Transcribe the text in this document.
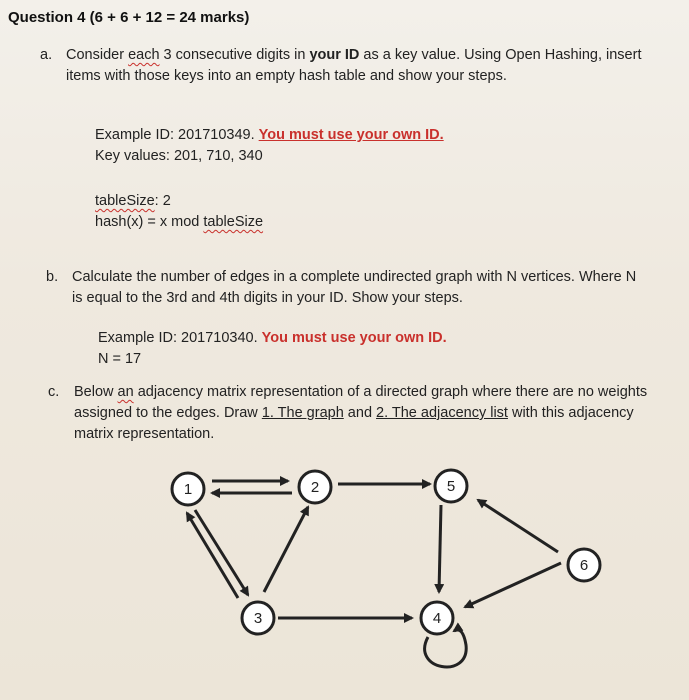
Question 4 (6 + 6 + 12 = 24 marks)
a. Consider each 3 consecutive digits in your ID as a key value. Using Open Hashing, insert
items with those keys into an empty hash table and show your steps.
Example ID: 201710349. You must use your own ID.
Key values: 201, 710, 340
tableSize: 2
hash(x) = x mod tableSize
b. Calculate the number of edges in a complete undirected graph with N vertices. Where N
is equal to the 3rd and 4th digits in your ID. Show your steps.
Example ID: 201710340. You must use your own ID.
N = 17
c. Below an adjacency matrix representation of a directed graph where there are no weights
assigned to the edges. Draw 1. The graph and 2. The adjacency list with this adjacency
matrix representation.
1	2
3	4
5
6
